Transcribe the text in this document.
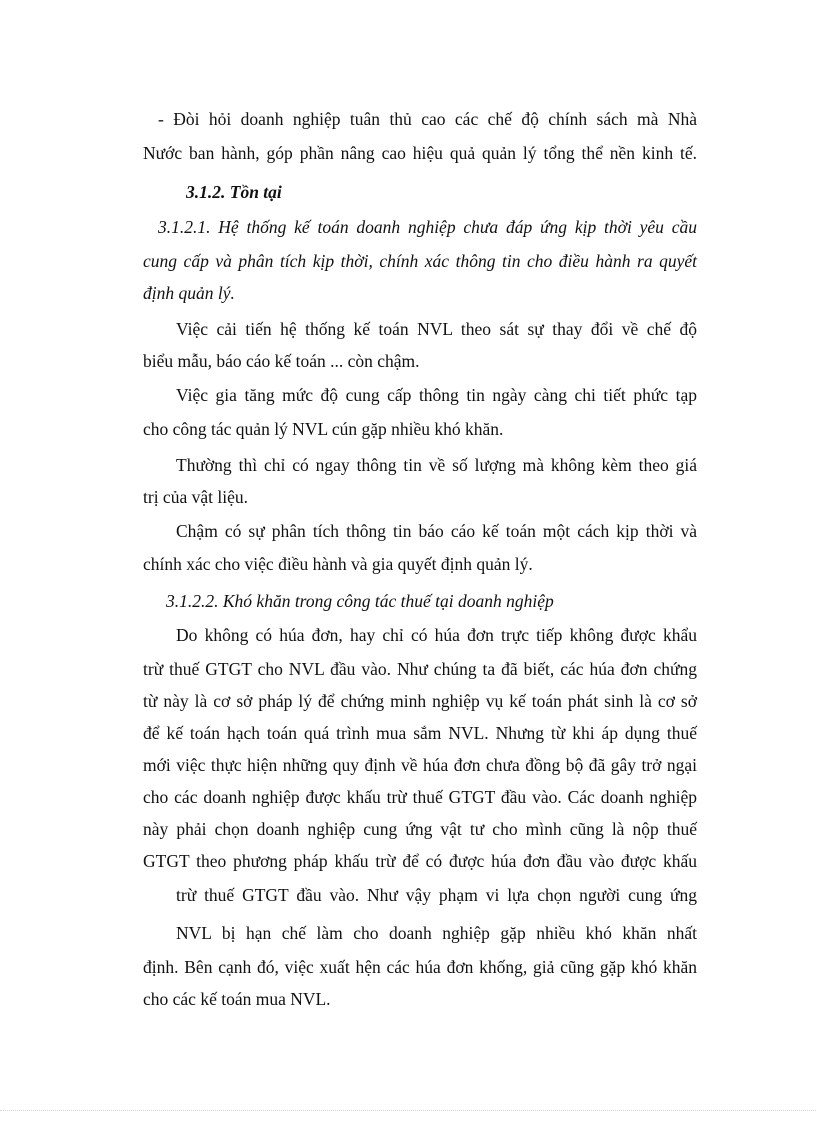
- Đòi hỏi doanh nghiệp tuân thủ cao các chế độ chính sách mà Nhà
Nước ban hành, góp phần nâng cao hiệu quả quản lý tổng thể nền kinh tế.
3.1.2. Tồn tại
3.1.2.1. Hệ thống kế toán doanh nghiệp chưa đáp ứng kịp thời yêu cầu
cung cấp và phân tích kịp thời, chính xác thông tin cho điều hành ra quyết
định quản lý.
Việc cải tiến hệ thống kế toán NVL theo sát sự thay đổi về chế độ
biểu mẫu, báo cáo kế toán ... còn chậm.
Việc gia tăng mức độ cung cấp thông tin ngày càng chi tiết phức tạp
cho công tác quản lý NVL cún gặp nhiều khó khăn.
Thường thì chỉ có ngay thông tin về số lượng mà không kèm theo giá
trị của vật liệu.
Chậm có sự phân tích thông tin báo cáo kế toán một cách kịp thời và
chính xác cho việc điều hành và gia quyết định quản lý.
3.1.2.2. Khó khăn trong công tác thuế tại doanh nghiệp
Do không có húa đơn, hay chỉ có húa đơn trực tiếp không được khẩu
trừ thuế GTGT cho NVL đầu vào. Như chúng ta đã biết, các húa đơn chứng
từ này là cơ sở pháp lý để chứng minh nghiệp vụ kế toán phát sinh là cơ sở
để kế toán hạch toán quá trình mua sắm NVL. Nhưng từ khi áp dụng thuế
mới việc thực hiện những quy định về húa đơn chưa đồng bộ đã gây trở ngại
cho các doanh nghiệp được khấu trừ thuế GTGT đầu vào. Các doanh nghiệp
này phải chọn doanh nghiệp cung ứng vật tư cho mình cũng là nộp thuế
GTGT theo phương pháp khấu trừ để có được húa đơn đầu vào được khấu
trừ thuế GTGT đầu vào. Như vậy phạm vi lựa chọn người cung ứng
NVL bị hạn chế làm cho doanh nghiệp gặp nhiều khó khăn nhất
định. Bên cạnh đó, việc xuất hện các húa đơn khống, giả cũng gặp khó khăn
cho các kế toán mua NVL.
